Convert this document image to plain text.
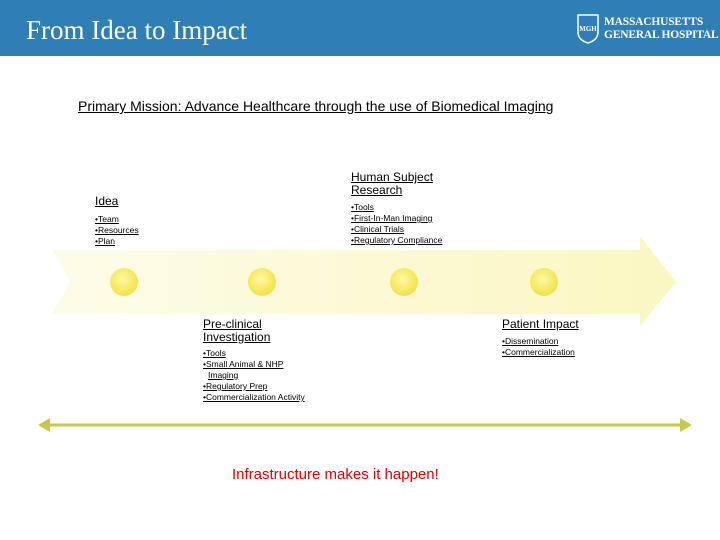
From Idea to Impact	MGH
MASSACHUSETTS
GENERAL HOSPITAL
Primary Mission: Advance Healthcare through the use of Biomedical Imaging
Idea
• Team
• Resources
• Plan
Human Subject
Research
• Tools
• First-In-Man Imaging
• Clinical Trials
• Regulatory Compliance
Pre-clinical
Investigation
• Tools
• Small Animal & NHP
Imaging
• Regulatory Prep
• Commercialization Activity
Patient Impact
• Dissemination
• Commercialization
Infrastructure makes it happen!
